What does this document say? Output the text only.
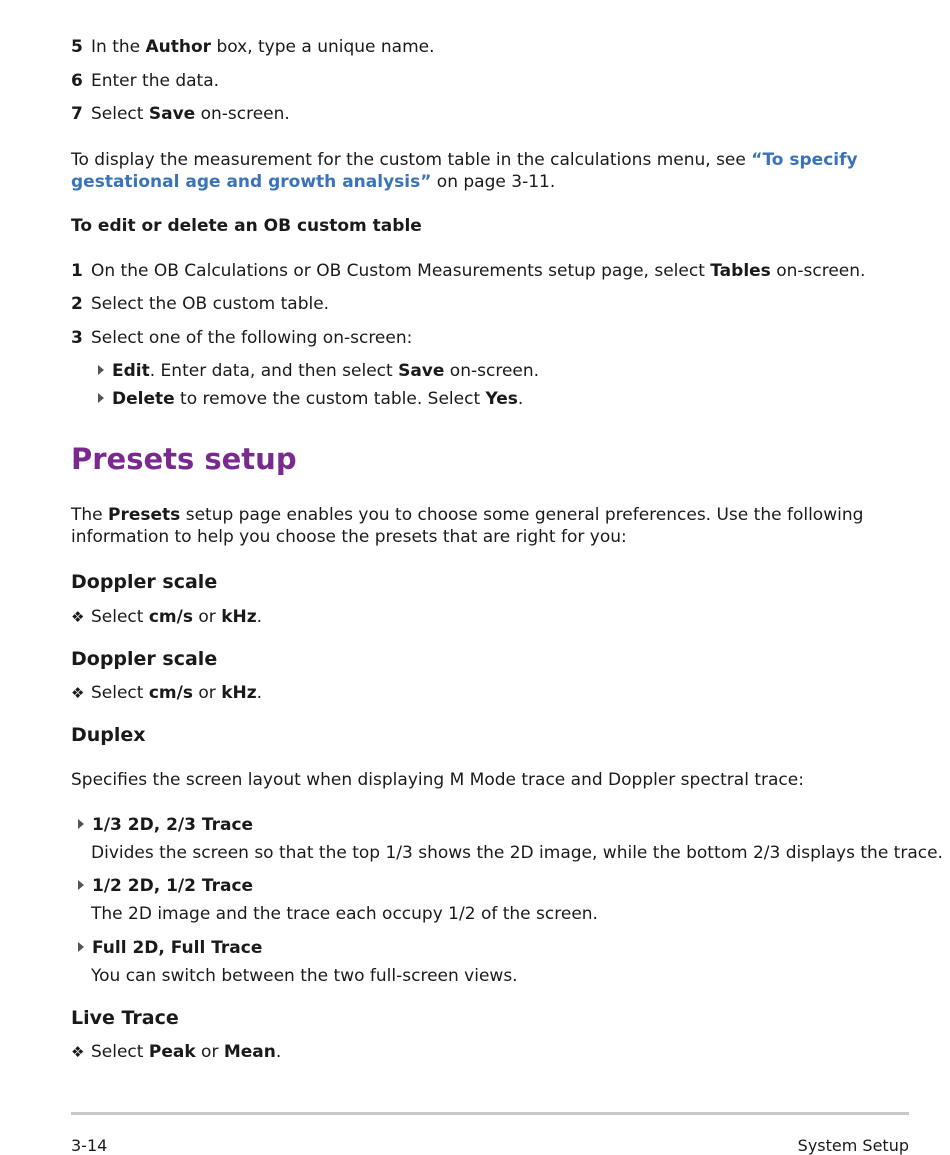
5 In the Author box, type a unique name.
6 Enter the data.
7 Select Save on-screen.
To display the measurement for the custom table in the calculations menu, see “To specify gestational age and growth analysis” on page 3-11.
To edit or delete an OB custom table
1 On the OB Calculations or OB Custom Measurements setup page, select Tables on-screen.
2 Select the OB custom table.
3 Select one of the following on-screen:
Edit. Enter data, and then select Save on-screen.
Delete to remove the custom table. Select Yes.
Presets setup
The Presets setup page enables you to choose some general preferences. Use the following information to help you choose the presets that are right for you:
Doppler scale
❖ Select cm/s or kHz.
Doppler scale
❖ Select cm/s or kHz.
Duplex
Specifies the screen layout when displaying M Mode trace and Doppler spectral trace:
1/3 2D, 2/3 Trace
Divides the screen so that the top 1/3 shows the 2D image, while the bottom 2/3 displays the trace.
1/2 2D, 1/2 Trace
The 2D image and the trace each occupy 1/2 of the screen.
Full 2D, Full Trace
You can switch between the two full-screen views.
Live Trace
❖ Select Peak or Mean.
3-14	System Setup
